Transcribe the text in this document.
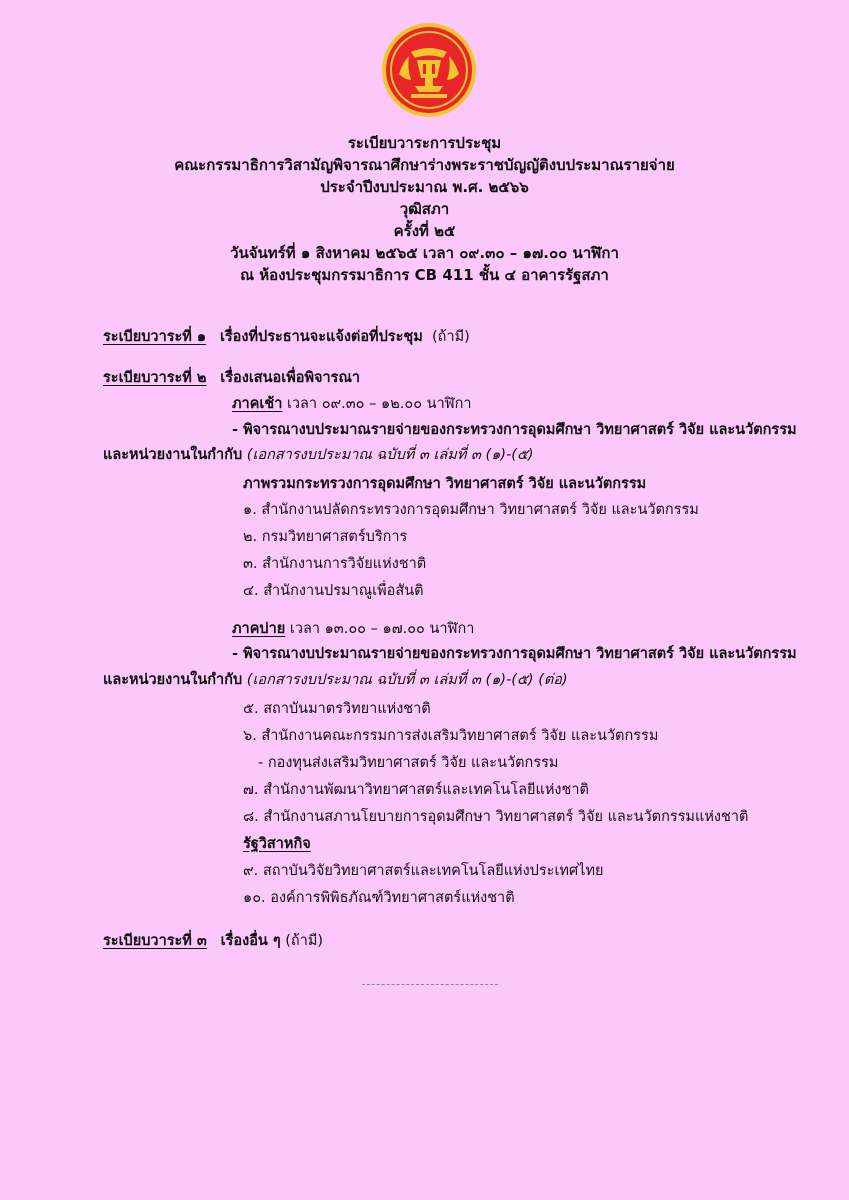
ระเบียบวาระการประชุม
คณะกรรมาธิการวิสามัญพิจารณาศึกษาร่างพระราชบัญญัติงบประมาณรายจ่าย
ประจำปีงบประมาณ พ.ศ. ๒๕๖๖
วุฒิสภา
ครั้งที่ ๒๕
วันจันทร์ที่ ๑ สิงหาคม ๒๕๖๕ เวลา ๐๙.๓๐ – ๑๗.๐๐ นาฬิกา
ณ ห้องประชุมกรรมาธิการ CB 411 ชั้น ๔ อาคารรัฐสภา
ระเบียบวาระที่ ๑ เรื่องที่ประธานจะแจ้งต่อที่ประชุม (ถ้ามี)
ระเบียบวาระที่ ๒ เรื่องเสนอเพื่อพิจารณา
ภาคเช้า เวลา ๐๙.๓๐ – ๑๒.๐๐ นาฬิกา
- พิจารณางบประมาณรายจ่ายของกระทรวงการอุดมศึกษา วิทยาศาสตร์ วิจัย และนวัตกรรม
และหน่วยงานในกำกับ (เอกสารงบประมาณ ฉบับที่ ๓ เล่มที่ ๓ (๑)-(๕)
ภาพรวมกระทรวงการอุดมศึกษา วิทยาศาสตร์ วิจัย และนวัตกรรม
๑. สำนักงานปลัดกระทรวงการอุดมศึกษา วิทยาศาสตร์ วิจัย และนวัตกรรม
๒. กรมวิทยาศาสตร์บริการ
๓. สำนักงานการวิจัยแห่งชาติ
๔. สำนักงานปรมาณูเพื่อสันติ
ภาคบ่าย เวลา ๑๓.๐๐ – ๑๗.๐๐ นาฬิกา
- พิจารณางบประมาณรายจ่ายของกระทรวงการอุดมศึกษา วิทยาศาสตร์ วิจัย และนวัตกรรม
และหน่วยงานในกำกับ (เอกสารงบประมาณ ฉบับที่ ๓ เล่มที่ ๓ (๑)-(๕) (ต่อ)
๕. สถาบันมาตรวิทยาแห่งชาติ
๖. สำนักงานคณะกรรมการส่งเสริมวิทยาศาสตร์ วิจัย และนวัตกรรม
- กองทุนส่งเสริมวิทยาศาสตร์ วิจัย และนวัตกรรม
๗. สำนักงานพัฒนาวิทยาศาสตร์และเทคโนโลยีแห่งชาติ
๘. สำนักงานสภานโยบายการอุดมศึกษา วิทยาศาสตร์ วิจัย และนวัตกรรมแห่งชาติ
รัฐวิสาหกิจ
๙. สถาบันวิจัยวิทยาศาสตร์และเทคโนโลยีแห่งประเทศไทย
๑๐. องค์การพิพิธภัณฑ์วิทยาศาสตร์แห่งชาติ
ระเบียบวาระที่ ๓ เรื่องอื่น ๆ (ถ้ามี)
